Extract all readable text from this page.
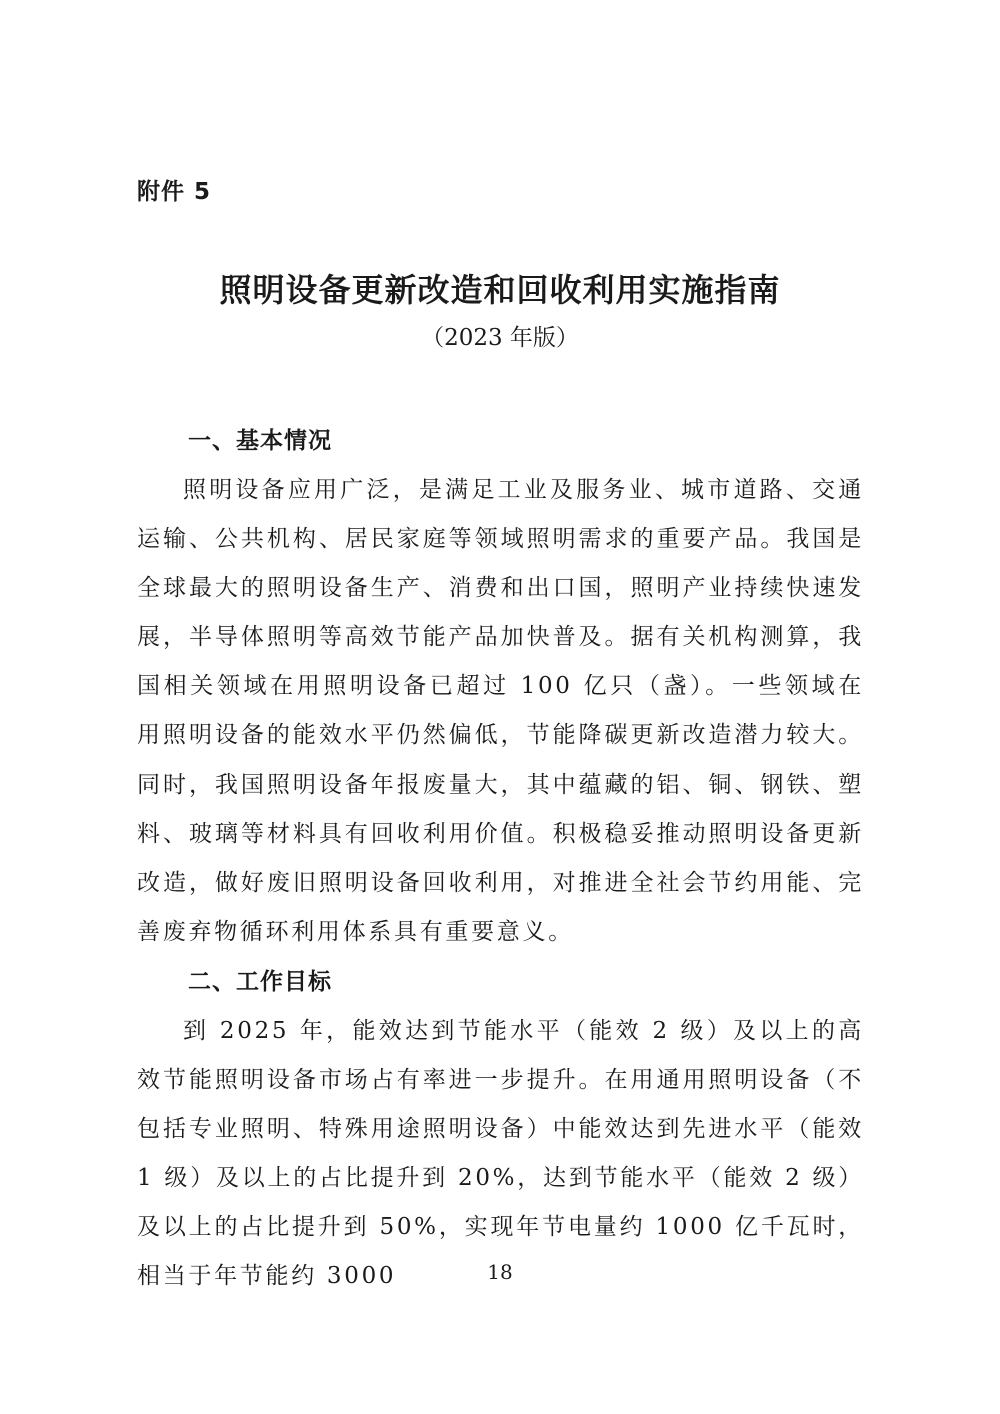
附件 5
照明设备更新改造和回收利用实施指南
（2023 年版）
一、基本情况
照明设备应用广泛，是满足工业及服务业、城市道路、交通运输、公共机构、居民家庭等领域照明需求的重要产品。我国是全球最大的照明设备生产、消费和出口国，照明产业持续快速发展，半导体照明等高效节能产品加快普及。据有关机构测算，我国相关领域在用照明设备已超过 100 亿只（盏）。一些领域在用照明设备的能效水平仍然偏低，节能降碳更新改造潜力较大。同时，我国照明设备年报废量大，其中蕴藏的铝、铜、钢铁、塑料、玻璃等材料具有回收利用价值。积极稳妥推动照明设备更新改造，做好废旧照明设备回收利用，对推进全社会节约用能、完善废弃物循环利用体系具有重要意义。
二、工作目标
到 2025 年，能效达到节能水平（能效 2 级）及以上的高效节能照明设备市场占有率进一步提升。在用通用照明设备（不包括专业照明、特殊用途照明设备）中能效达到先进水平（能效 1 级）及以上的占比提升到 20%，达到节能水平（能效 2 级）及以上的占比提升到 50%，实现年节电量约 1000 亿千瓦时，相当于年节能约 3000	18
